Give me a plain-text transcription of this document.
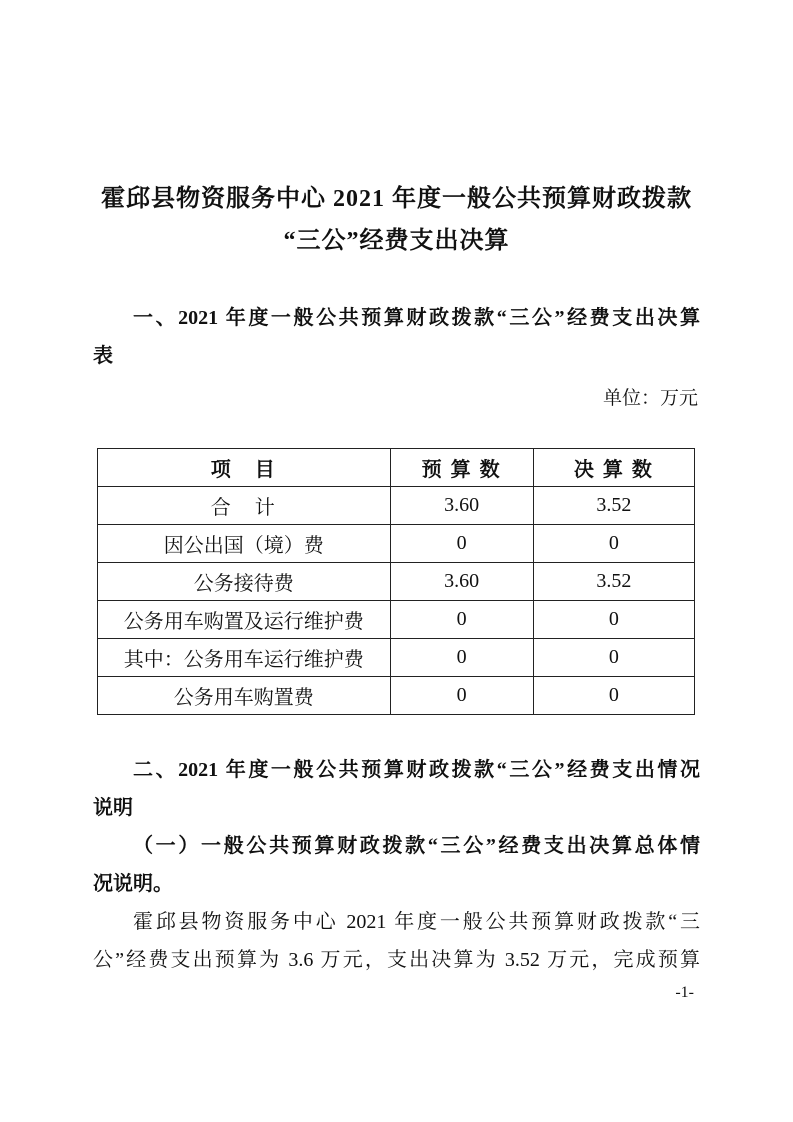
霍邱县物资服务中心 2021 年度一般公共预算财政拨款
“三公”经费支出决算
一、2021 年度一般公共预算财政拨款“三公”经费支出决算
表
单位：万元
项　目	预 算 数	决 算 数
合　计	3.60	3.52
因公出国（境）费	0	0
公务接待费	3.60	3.52
公务用车购置及运行维护费	0	0
其中：公务用车运行维护费	0	0
公务用车购置费	0	0
二、2021 年度一般公共预算财政拨款“三公”经费支出情况
说明
（一）一般公共预算财政拨款“三公”经费支出决算总体情
况说明。
霍邱县物资服务中心 2021 年度一般公共预算财政拨款“三
公”经费支出预算为 3.6 万元，支出决算为 3.52 万元，完成预算
-1-
